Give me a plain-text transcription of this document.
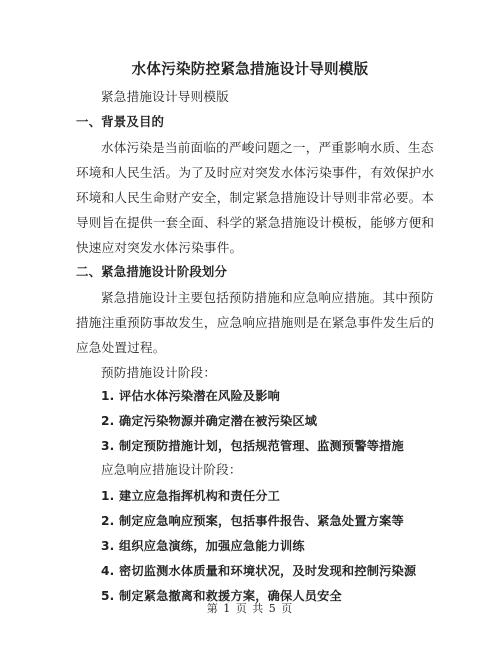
水体污染防控紧急措施设计导则模版
紧急措施设计导则模版
一、背景及目的
水体污染是当前面临的严峻问题之一，严重影响水质、生态
环境和人民生活。为了及时应对突发水体污染事件，有效保护水
环境和人民生命财产安全，制定紧急措施设计导则非常必要。本
导则旨在提供一套全面、科学的紧急措施设计模板，能够方便和
快速应对突发水体污染事件。
二、紧急措施设计阶段划分
紧急措施设计主要包括预防措施和应急响应措施。其中预防
措施注重预防事故发生，应急响应措施则是在紧急事件发生后的
应急处置过程。
预防措施设计阶段：
1. 评估水体污染潜在风险及影响
2. 确定污染物源并确定潜在被污染区域
3. 制定预防措施计划，包括规范管理、监测预警等措施
应急响应措施设计阶段：
1. 建立应急指挥机构和责任分工
2. 制定应急响应预案，包括事件报告、紧急处置方案等
3. 组织应急演练，加强应急能力训练
4. 密切监测水体质量和环境状况，及时发现和控制污染源
5. 制定紧急撤离和救援方案，确保人员安全
第 1 页 共 5 页
